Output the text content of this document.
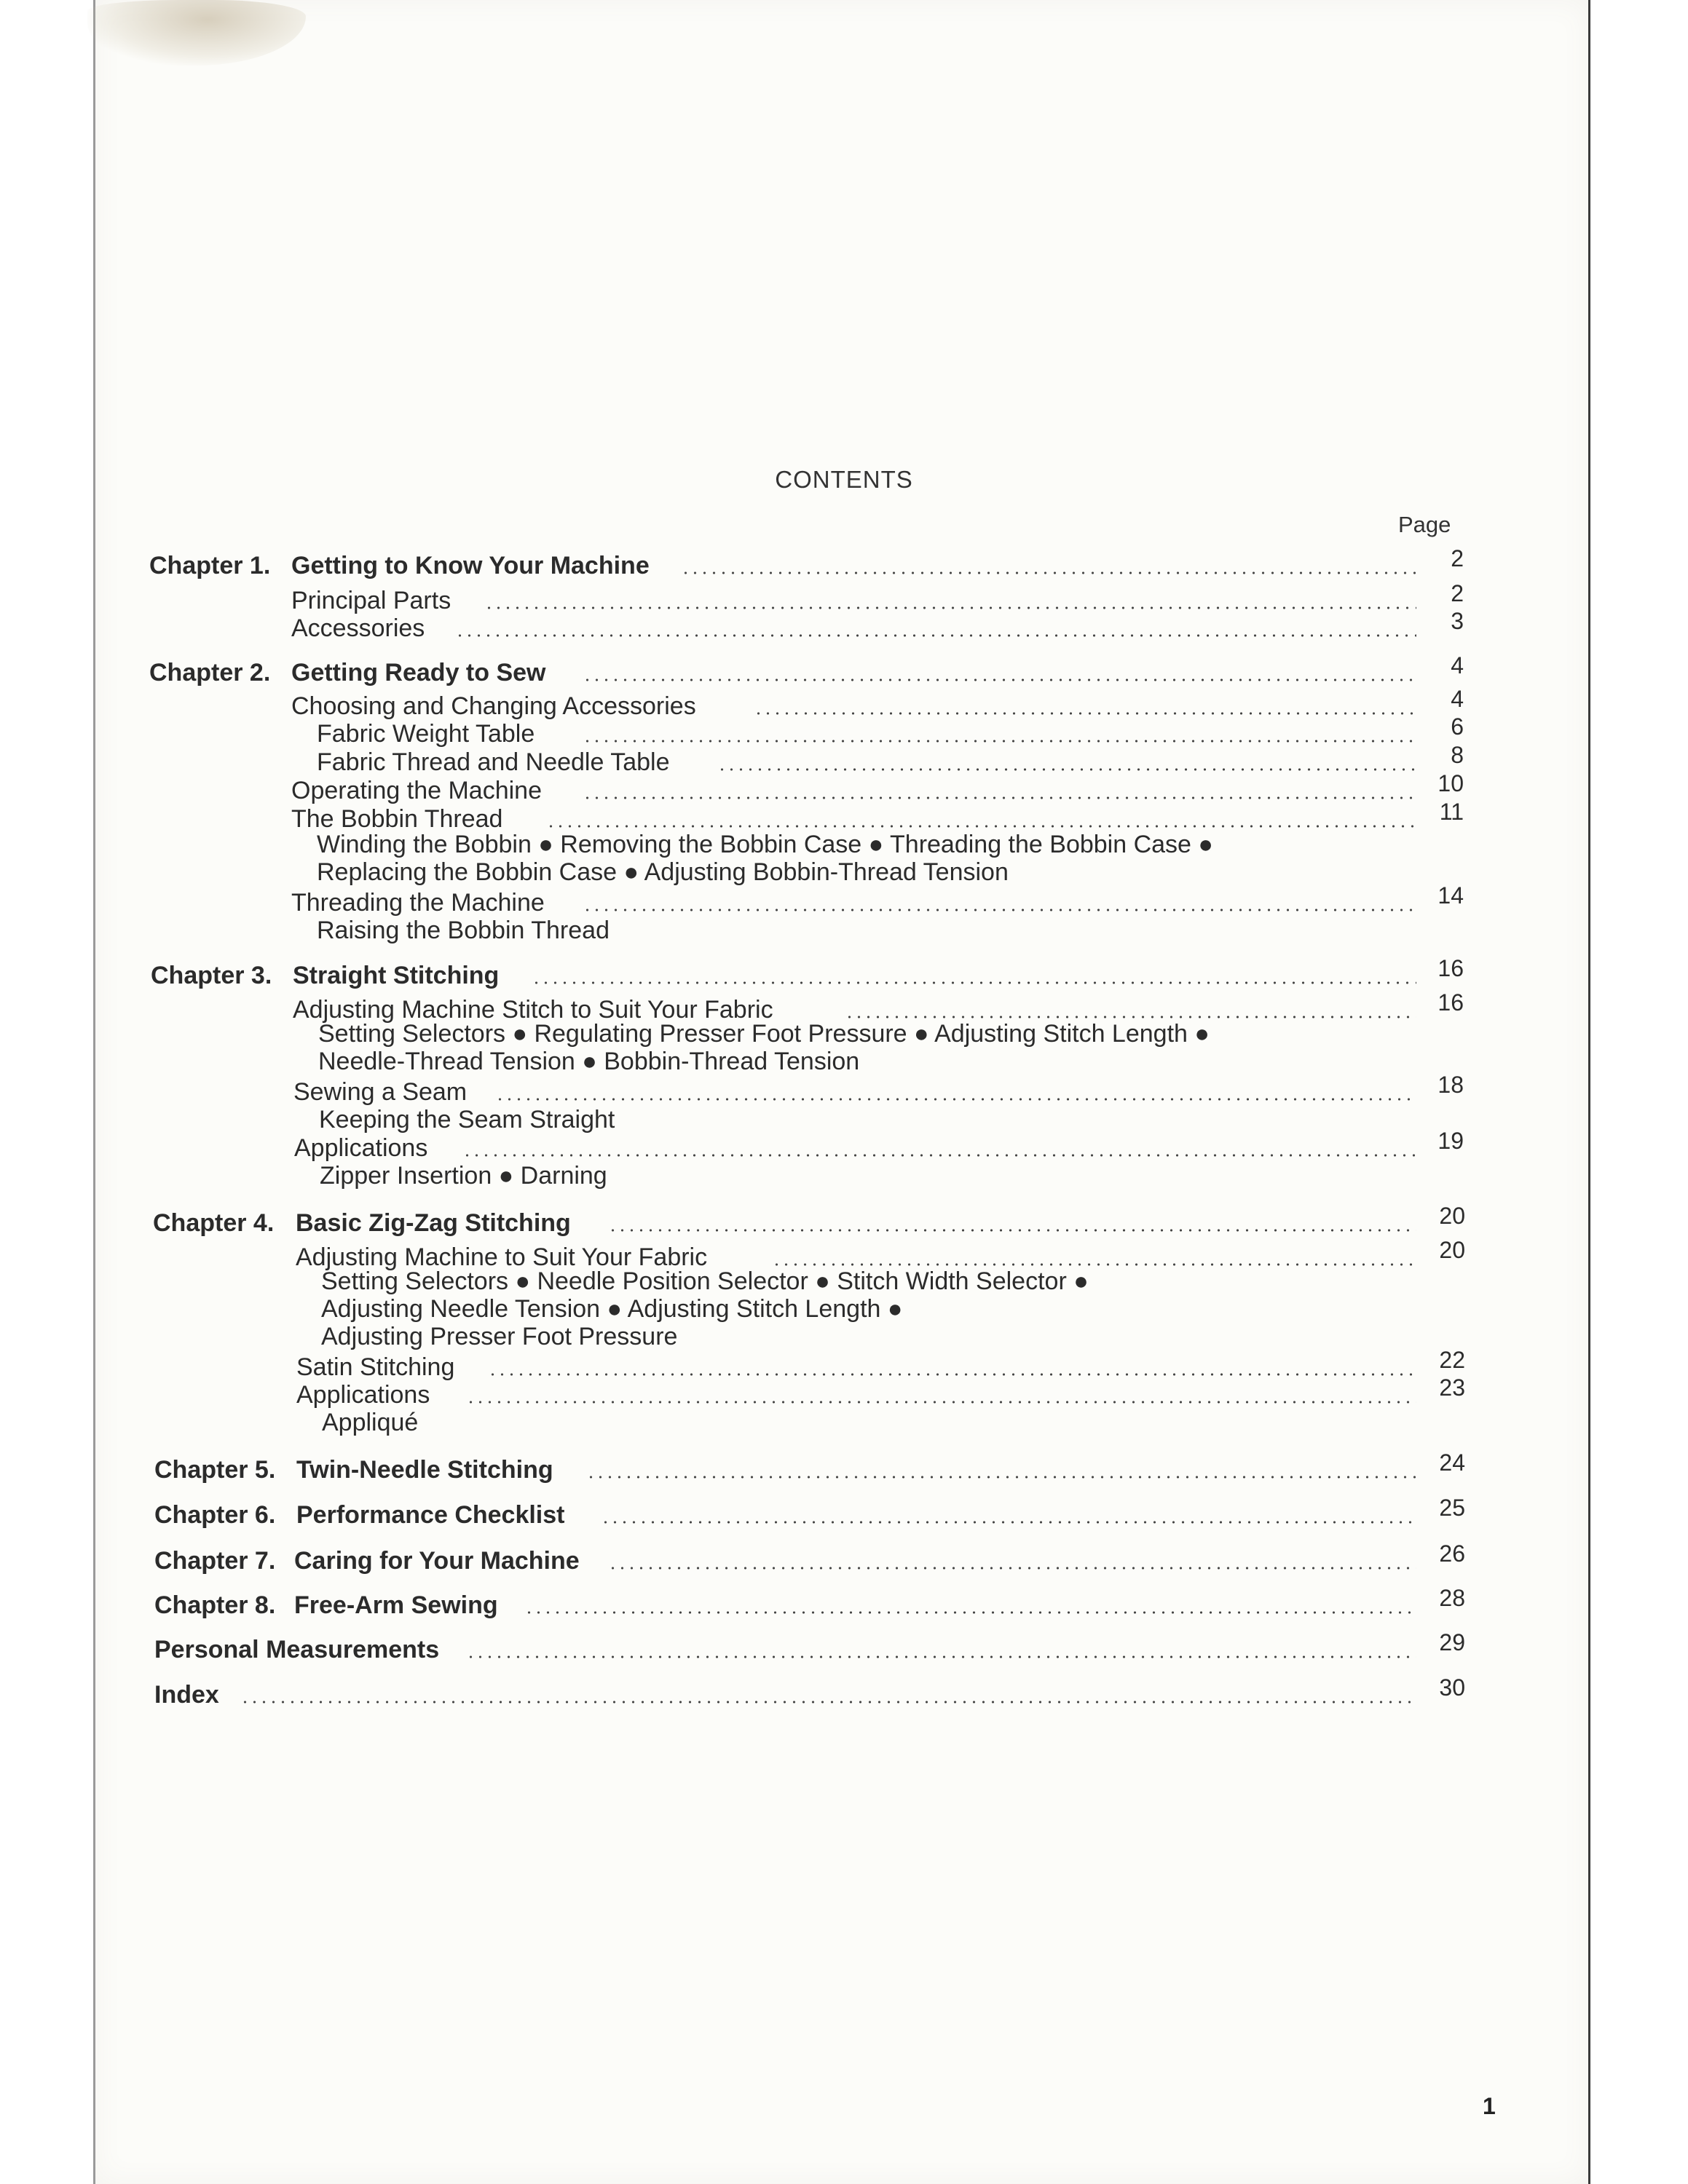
CONTENTS
Page
Chapter 1. Getting to Know Your Machine	2
Principal Parts	2
Accessories	3
Chapter 2. Getting Ready to Sew	4
Choosing and Changing Accessories	4
Fabric Weight Table	6
Fabric Thread and Needle Table	8
Operating the Machine	10
The Bobbin Thread	11
Winding the Bobbin ● Removing the Bobbin Case ● Threading the Bobbin Case ●
Replacing the Bobbin Case ● Adjusting Bobbin-Thread Tension
Threading the Machine	14
Raising the Bobbin Thread
Chapter 3. Straight Stitching	16
Adjusting Machine Stitch to Suit Your Fabric	16
Setting Selectors ● Regulating Presser Foot Pressure ● Adjusting Stitch Length ●
Needle-Thread Tension ● Bobbin-Thread Tension
Sewing a Seam	18
Keeping the Seam Straight
Applications	19
Zipper Insertion ● Darning
Chapter 4. Basic Zig-Zag Stitching	20
Adjusting Machine to Suit Your Fabric	20
Setting Selectors ● Needle Position Selector ● Stitch Width Selector ●
Adjusting Needle Tension ● Adjusting Stitch Length ●
Adjusting Presser Foot Pressure
Satin Stitching	22
Applications	23
Appliqué
Chapter 5. Twin-Needle Stitching	24
Chapter 6. Performance Checklist	25
Chapter 7. Caring for Your Machine	26
Chapter 8. Free-Arm Sewing	28
Personal Measurements	29
Index	30
1
